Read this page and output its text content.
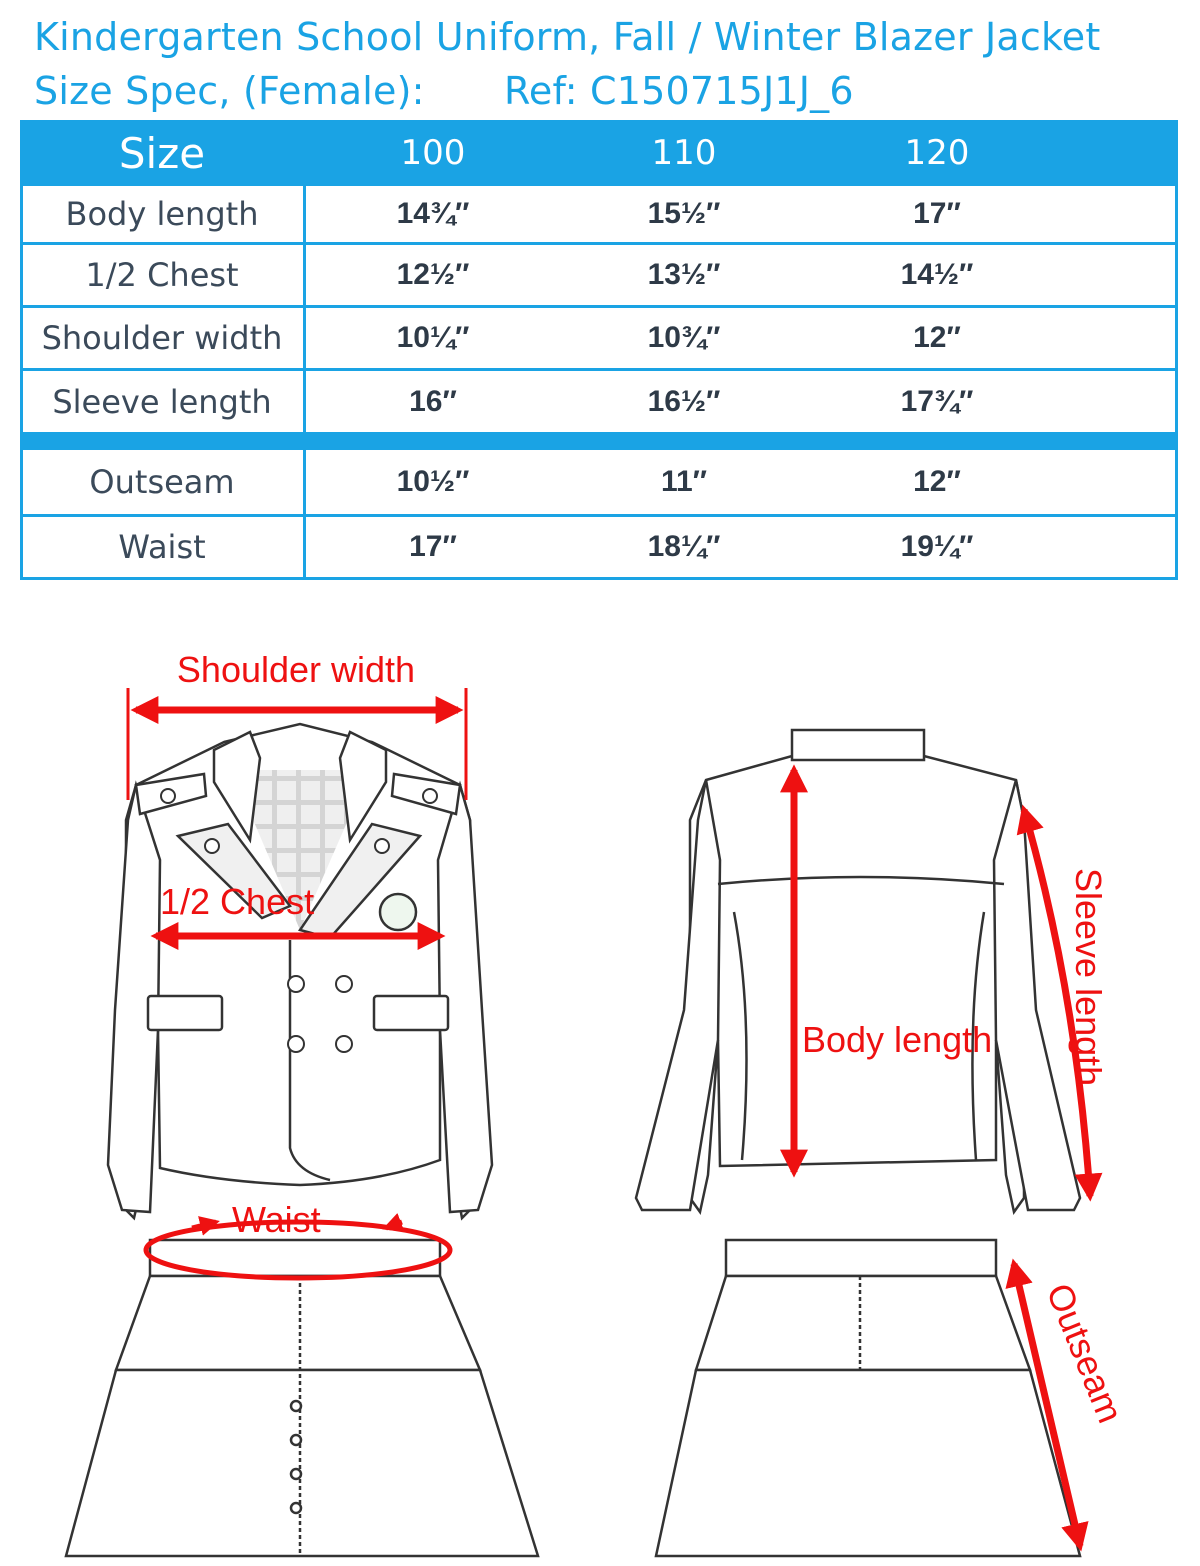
Kindergarten School Uniform, Fall / Winter Blazer Jacket
Size Spec, (Female): Ref: C150715J1J_6
Size	100	110	120
Body length	14¾″	15½″	17″
1/2 Chest	12½″	13½″	14½″
Shoulder width	10¼″	10¾″	12″
Sleeve length	16″	16½″	17¾″
Outseam	10½″	11″	12″
Waist	17″	18¼″	19¼″
Shoulder width
1/2 Chest
Body length Sleeve length
Waist
Outseam
